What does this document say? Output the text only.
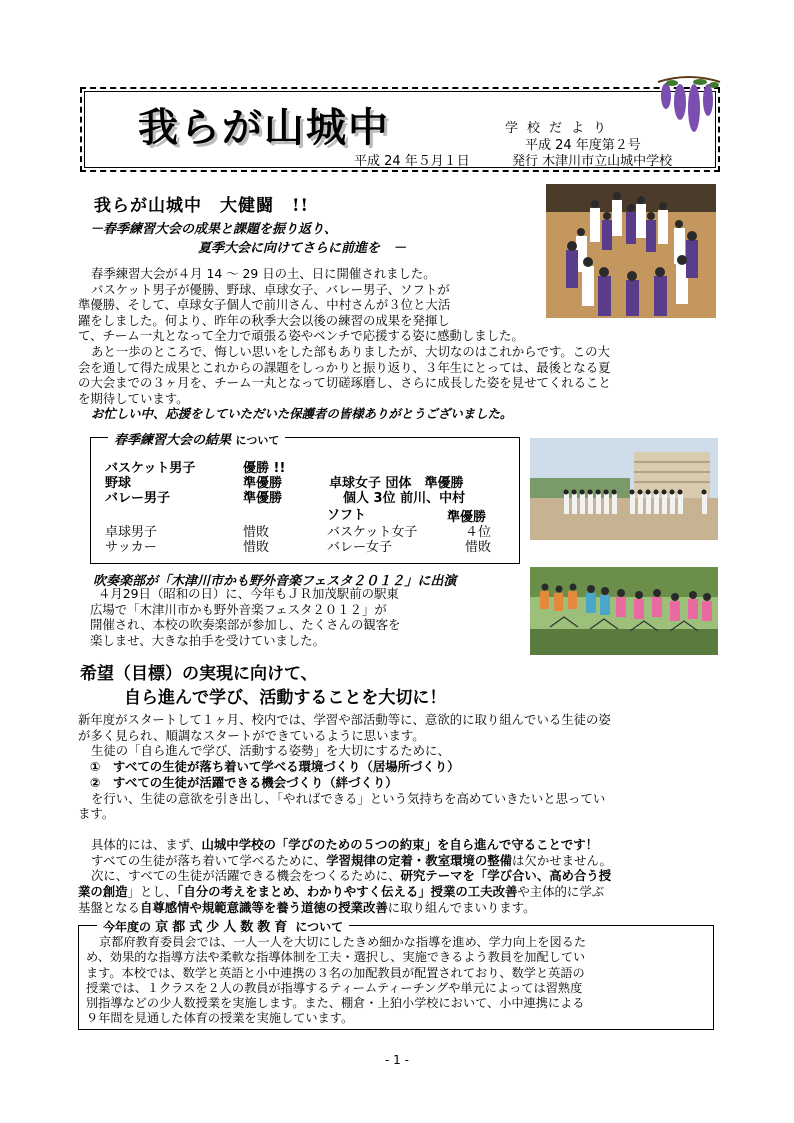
我らが山城中	学校だより
平成 24 年度第２号
平成 24 年５月１日	発行 木津川市立山城中学校
我らが山城中　大健闘　!!
－春季練習大会の成果と課題を振り返り、
夏季大会に向けてさらに前進を　－
春季練習大会が４月 14 ～ 29 日の土、日に開催されました。
バスケット男子が優勝、野球、卓球女子、バレー男子、ソフトが
準優勝、そして、卓球女子個人で前川さん、中村さんが３位と大活
躍をしました。何より、昨年の秋季大会以後の練習の成果を発揮し
て、チーム一丸となって全力で頑張る姿やベンチで応援する姿に感動しました。
あと一歩のところで、悔しい思いをした部もありましたが、大切なのはこれからです。この大
会を通して得た成果とこれからの課題をしっかりと振り返り、３年生にとっては、最後となる夏
の大会までの３ヶ月を、チーム一丸となって切磋琢磨し、さらに成長した姿を見せてくれること
を期待しています。
お忙しい中、応援をしていただいた保護者の皆様ありがとうございました。
バスケット男子	優勝 !!
野球	準優勝
バレー男子	準優勝
卓球男子	惜敗
サッカー	惜敗
卓球女子 団体　準優勝
個人 3位 前川、中村
ソフト	準優勝
バスケット女子	４位
バレー女子	惜敗
春季練習大会の結果 について
吹奏楽部が「木津川市かも野外音楽フェスタ２０１２」に出演
４月29日（昭和の日）に、今年もＪＲ加茂駅前の駅東
広場で「木津川市かも野外音楽フェスタ２０１２」が
開催され、本校の吹奏楽部が参加し、たくさんの観客を
楽しませ、大きな拍手を受けていました。
希望（目標）の実現に向けて、
自ら進んで学び、活動することを大切に！
新年度がスタートして１ヶ月、校内では、学習や部活動等に、意欲的に取り組んでいる生徒の姿
が多く見られ、順調なスタートができているように思います。
生徒の「自ら進んで学び、活動する姿勢」を大切にするために、
①　すべての生徒が落ち着いて学べる環境づくり（居場所づくり）
②　すべての生徒が活躍できる機会づくり（絆づくり）
を行い、生徒の意欲を引き出し、「やればできる」という気持ちを高めていきたいと思ってい
ます。
具体的には、まず、山城中学校の「学びのための５つの約束」を自ら進んで守ることです！
すべての生徒が落ち着いて学べるために、学習規律の定着・教室環境の整備は欠かせません。
次に、すべての生徒が活躍できる機会をつくるために、研究テーマを「学び合い、高め合う授
業の創造」とし、「自分の考えをまとめ、わかりやすく伝える」授業の工夫改善や主体的に学ぶ
基盤となる自尊感情や規範意識等を養う道徳の授業改善に取り組んでまいります。
今年度の 京都式少人数教育 について
京都府教育委員会では、一人一人を大切にしたきめ細かな指導を進め、学力向上を図るた
め、効果的な指導方法や柔軟な指導体制を工夫・選択し、実施できるよう教員を加配してい
ます。本校では、数学と英語と小中連携の３名の加配教員が配置されており、数学と英語の
授業では、１クラスを２人の教員が指導するティームティーチングや単元によっては習熟度
別指導などの少人数授業を実施します。また、棚倉・上狛小学校において、小中連携による
９年間を見通した体育の授業を実施しています。
- 1 -
